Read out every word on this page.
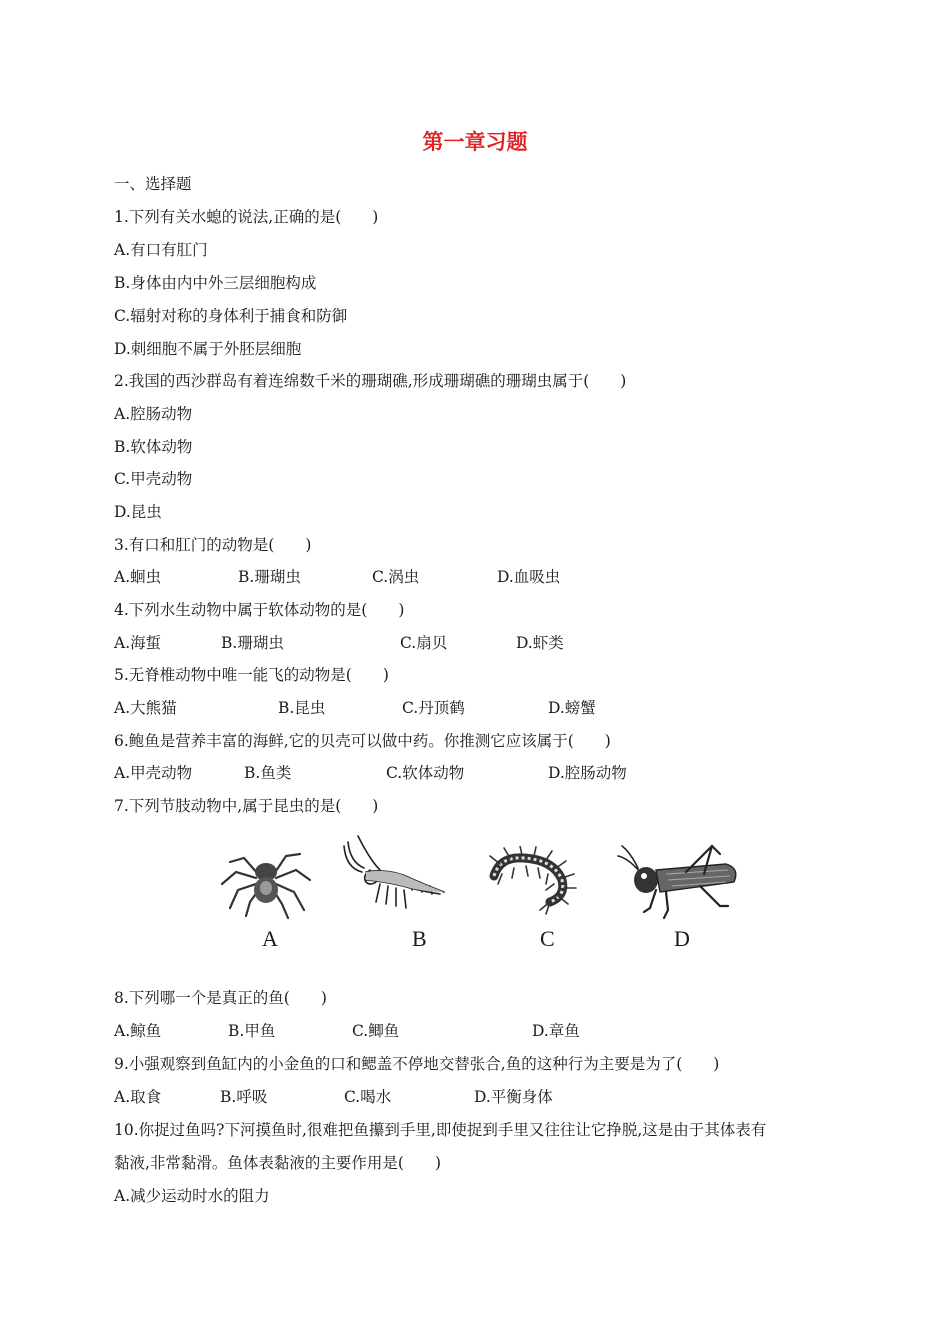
第一章习题
一、选择题
1.下列有关水螅的说法,正确的是(　　)
A.有口有肛门
B.身体由内中外三层细胞构成
C.辐射对称的身体利于捕食和防御
D.刺细胞不属于外胚层细胞
2.我国的西沙群岛有着连绵数千米的珊瑚礁,形成珊瑚礁的珊瑚虫属于(　　)
A.腔肠动物
B.软体动物
C.甲壳动物
D.昆虫
3.有口和肛门的动物是(　　)
A.蛔虫	B.珊瑚虫	C.涡虫	D.血吸虫
4.下列水生动物中属于软体动物的是(　　)
A.海蜇	B.珊瑚虫	C.扇贝	D.虾类
5.无脊椎动物中唯一能飞的动物是(　　)
A.大熊猫	B.昆虫	C.丹顶鹤	D.螃蟹
6.鲍鱼是营养丰富的海鲜,它的贝壳可以做中药。你推测它应该属于(　　)
A.甲壳动物	B.鱼类	C.软体动物	D.腔肠动物
7.下列节肢动物中,属于昆虫的是(　　)
A	B	C	D
8.下列哪一个是真正的鱼(　　)
A.鲸鱼	B.甲鱼	C.鲫鱼	D.章鱼
9.小强观察到鱼缸内的小金鱼的口和鳃盖不停地交替张合,鱼的这种行为主要是为了(　　)
A.取食	B.呼吸	C.喝水	D.平衡身体
10.你捉过鱼吗?下河摸鱼时,很难把鱼攥到手里,即使捉到手里又往往让它挣脱,这是由于其体表有
黏液,非常黏滑。鱼体表黏液的主要作用是(　　)
A.减少运动时水的阻力
